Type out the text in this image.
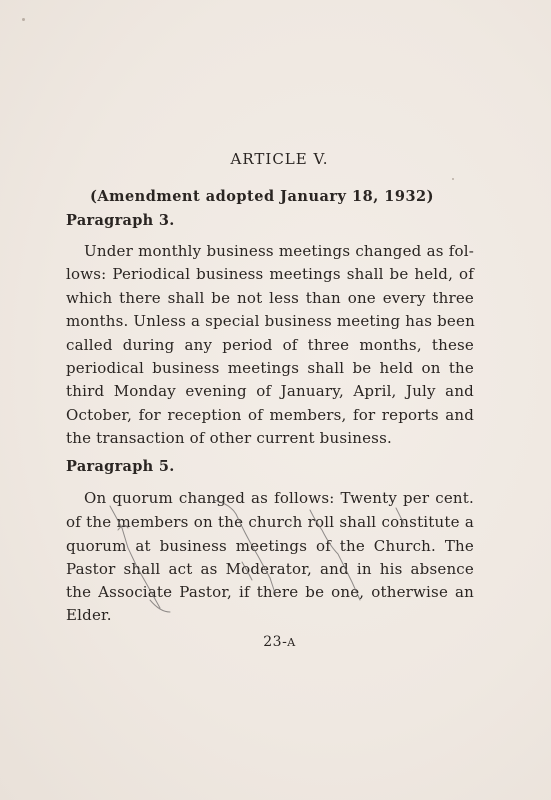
ARTICLE V.
(Amendment adopted January 18, 1932)
Paragraph 3.
Under monthly business meetings changed as fol-
lows: Periodical business meetings shall be held, of
which there shall be not less than one every three
months. Unless a special business meeting has been
called during any period of three months, these
periodical business meetings shall be held on the
third Monday evening of January, April, July and
October, for reception of members, for reports and
the transaction of other current business.
Paragraph 5.
On quorum changed as follows: Twenty per cent.
of the members on the church roll shall constitute a
quorum at business meetings of the Church. The
Pastor shall act as Moderator, and in his absence
the Associate Pastor, if there be one, otherwise an
Elder.
23-A
